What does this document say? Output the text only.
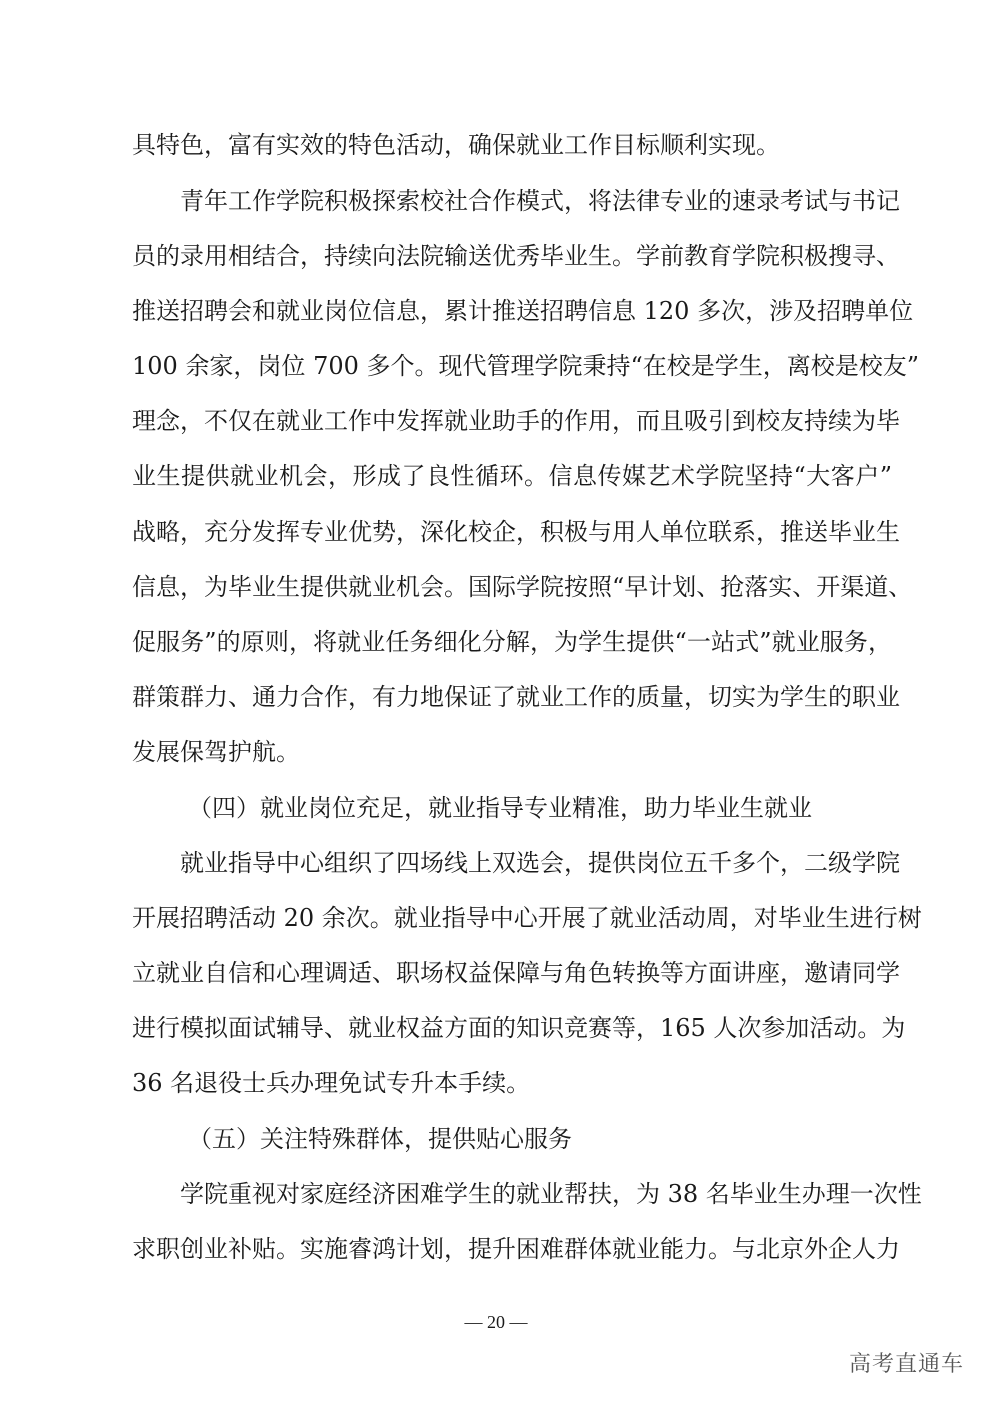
具特色，富有实效的特色活动，确保就业工作目标顺利实现。
青年工作学院积极探索校社合作模式，将法律专业的速录考试与书记
员的录用相结合，持续向法院输送优秀毕业生。学前教育学院积极搜寻、
推送招聘会和就业岗位信息，累计推送招聘信息 120 多次，涉及招聘单位
100 余家，岗位 700 多个。现代管理学院秉持“在校是学生，离校是校友”
理念，不仅在就业工作中发挥就业助手的作用，而且吸引到校友持续为毕
业生提供就业机会，形成了良性循环。信息传媒艺术学院坚持“大客户”
战略，充分发挥专业优势，深化校企，积极与用人单位联系，推送毕业生
信息，为毕业生提供就业机会。国际学院按照“早计划、抢落实、开渠道、
促服务”的原则，将就业任务细化分解，为学生提供“一站式”就业服务，
群策群力、通力合作，有力地保证了就业工作的质量，切实为学生的职业
发展保驾护航。
（四）就业岗位充足，就业指导专业精准，助力毕业生就业
就业指导中心组织了四场线上双选会，提供岗位五千多个，二级学院
开展招聘活动 20 余次。就业指导中心开展了就业活动周，对毕业生进行树
立就业自信和心理调适、职场权益保障与角色转换等方面讲座，邀请同学
进行模拟面试辅导、就业权益方面的知识竞赛等，165 人次参加活动。为
36 名退役士兵办理免试专升本手续。
（五）关注特殊群体，提供贴心服务
学院重视对家庭经济困难学生的就业帮扶，为 38 名毕业生办理一次性
求职创业补贴。实施睿鸿计划，提升困难群体就业能力。与北京外企人力
— 20 —
高考直通车
